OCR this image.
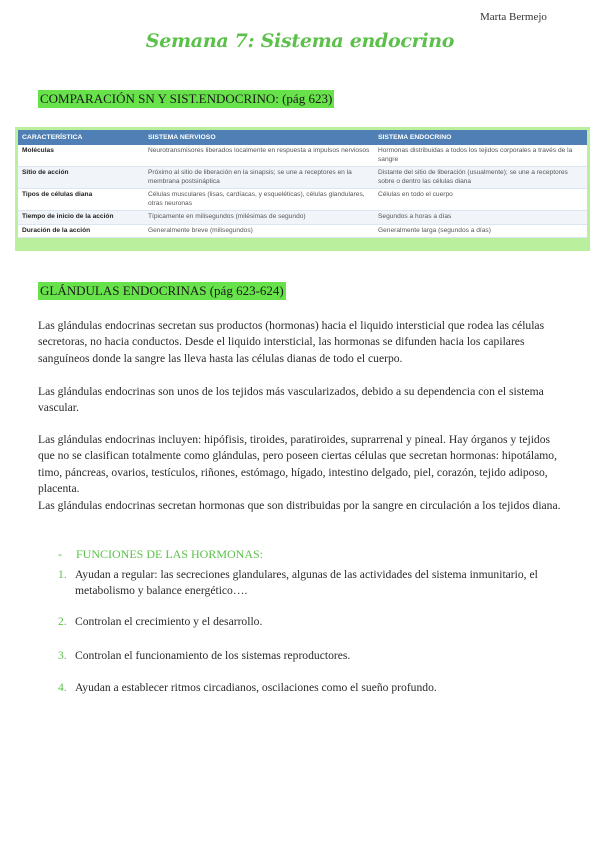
Marta Bermejo
Semana 7: Sistema endocrino
COMPARACIÓN SN Y SIST.ENDOCRINO: (pág 623)
CARACTERÍSTICA	SISTEMA NERVIOSO	SISTEMA ENDOCRINO
Moléculas	Neurotransmisores liberados localmente en respuesta a impulsos nerviosos	Hormonas distribuidas a todos los tejidos corporales a través de la sangre
Sitio de acción	Próximo al sitio de liberación en la sinapsis; se une a receptores en la membrana postsináptica	Distante del sitio de liberación (usualmente); se une a receptores sobre o dentro las células diana
Tipos de células diana	Células musculares (lisas, cardíacas, y esqueléticas), células glandulares, otras neuronas	Células en todo el cuerpo
Tiempo de inicio de la acción	Típicamente en milisegundos (milésimas de segundo)	Segundos a horas a días
Duración de la acción	Generalmente breve (milisegundos)	Generalmente larga (segundos a días)
GLÁNDULAS ENDOCRINAS (pág 623-624)

Las glándulas endocrinas secretan sus productos (hormonas) hacia el liquido intersticial que rodea las células secretoras, no hacia conductos. Desde el liquido intersticial, las hormonas se difunden hacia los capilares sanguíneos donde la sangre las lleva hasta las células dianas de todo el cuerpo.

Las glándulas endocrinas son unos de los tejidos más vascularizados, debido a su dependencia con el sistema vascular.

Las glándulas endocrinas incluyen: hipófisis, tiroides, paratiroides, suprarrenal y pineal. Hay órganos y tejidos que no se clasifican totalmente como glándulas, pero poseen ciertas células que secretan hormonas: hipotálamo, timo, páncreas, ovarios, testículos, riñones, estómago, hígado, intestino delgado, piel, corazón, tejido adiposo, placenta.
Las glándulas endocrinas secretan hormonas que son distribuidas por la sangre en circulación a los tejidos diana.
- FUNCIONES DE LAS HORMONAS:
1. Ayudan a regular: las secreciones glandulares, algunas de las actividades del sistema inmunitario, el metabolismo y balance energético….
2. Controlan el crecimiento y el desarrollo.
3. Controlan el funcionamiento de los sistemas reproductores.
4. Ayudan a establecer ritmos circadianos, oscilaciones como el sueño profundo.
